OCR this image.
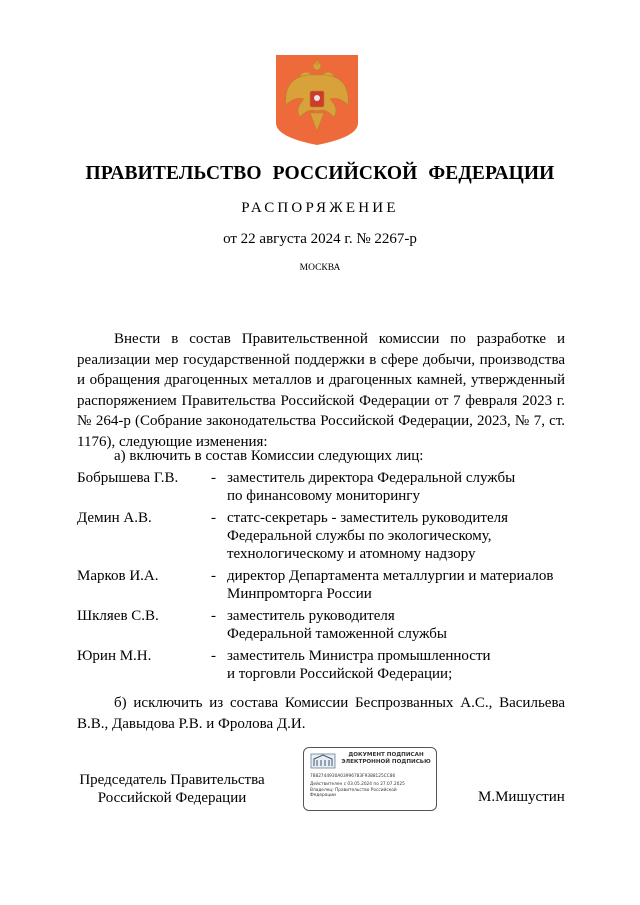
ПРАВИТЕЛЬСТВО РОССИЙСКОЙ ФЕДЕРАЦИИ
РАСПОРЯЖЕНИЕ
от 22 августа 2024 г. № 2267-р
МОСКВА

Внести в состав Правительственной комиссии по разработке и реализации мер государственной поддержки в сфере добычи, производства и обращения драгоценных металлов и драгоценных камней, утвержденный распоряжением Правительства Российской Федерации от 7 февраля 2023 г. № 264-р (Собрание законодательства Российской Федерации, 2023, № 7, ст. 1176), следующие изменения:

а) включить в состав Комиссии следующих лиц:
Бобрышева Г.В. - заместитель директора Федеральной службы
по финансовому мониторингу
Демин А.В.	- статс-секретарь - заместитель руководителя
Федеральной службы по экологическому,
технологическому и атомному надзору
Марков И.А.	- директор Департамента металлургии и материалов
Минпромторга России
Шкляев С.В.	- заместитель руководителя
Федеральной таможенной службы
Юрин М.Н.	- заместитель Министра промышленности
и торговли Российской Федерации;

б) исключить из состава Комиссии Беспрозванных А.С., Васильева В.В., Давыдова Р.В. и Фролова Д.И.

Председатель Правительства
Российской Федерации
ДОКУМЕНТ ПОДПИСАН
ЭЛЕКТРОННОЙ ПОДПИСЬЮ
7882744930A03996783F9388125CC86
Действителен с 03.05.2024 по 27.07.2025
Владелец: Правительство Российской
Федерации	М.Мишустин
